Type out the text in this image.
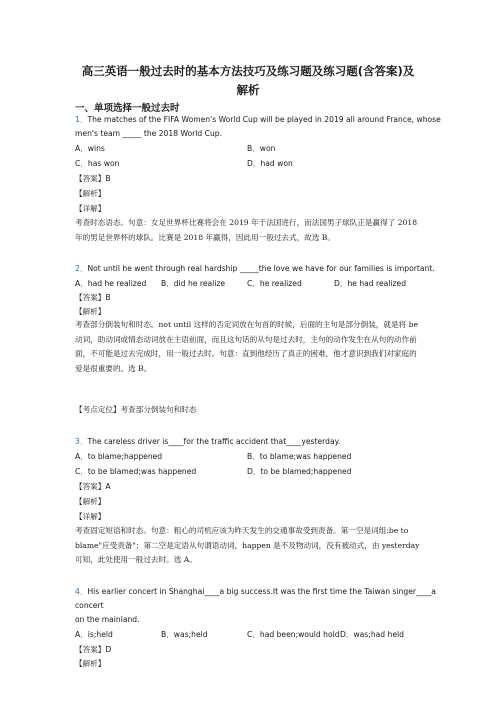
高三英语一般过去时的基本方法技巧及练习题及练习题(含答案)及
解析
一、单项选择一般过去时
1．The matches of the FIFA Women's World Cup will be played in 2019 all around France, whose
men's team _____ the 2018 World Cup.
A．wins	B．won
C．has won	D．had won
【答案】B
【解析】
【详解】
考查时态语态。句意：女足世界杯比赛将会在 2019 年于法国进行，而法国男子球队正是赢得了 2018 年的男足世界杯的球队。比赛是 2018 年赢得，因此用一般过去式，故选 B。
2．Not until he went through real hardship _____the love we have for our families is important.
A．had he realized B．did he realize	C．he realized	D．he had realized
【答案】B
【解析】
考查部分倒装句和时态。not until 这样的否定词放在句首的时候，后面的主句是部分倒装，就是将 be 动词，助动词或情态动词放在主语前面，而且这句话的从句是过去时，主句的动作发生在从句的动作前面，不可能是过去完成时，用一般过去时。句意：直到他经历了真正的困难，他才意识到我们对家庭的爱是很重要的。选 B。
【考点定位】考查部分倒装句和时态
3．The careless driver is____for the traffic accident that____yesterday.
A．to blame;happened	B．to blame;was happened
C．to be blamed;was happened	D．to be blamed;happened
【答案】A
【解析】
【详解】
考查固定短语和时态。句意：粗心的司机应该为昨天发生的交通事故受到责备。第一空是词组:be to blame"应受责备"；第二空是定语从句谓语动词，happen 是不及物动词，没有被动式，由 yesterday 可知，此处使用一般过去时。选 A。
4．His earlier concert in Shanghai____a big success.It was the first time the Taiwan singer____a
concert
on the mainland.
A．is;held	B．was;held	C．had been;would hold D．was;had held
【答案】D
【解析】
